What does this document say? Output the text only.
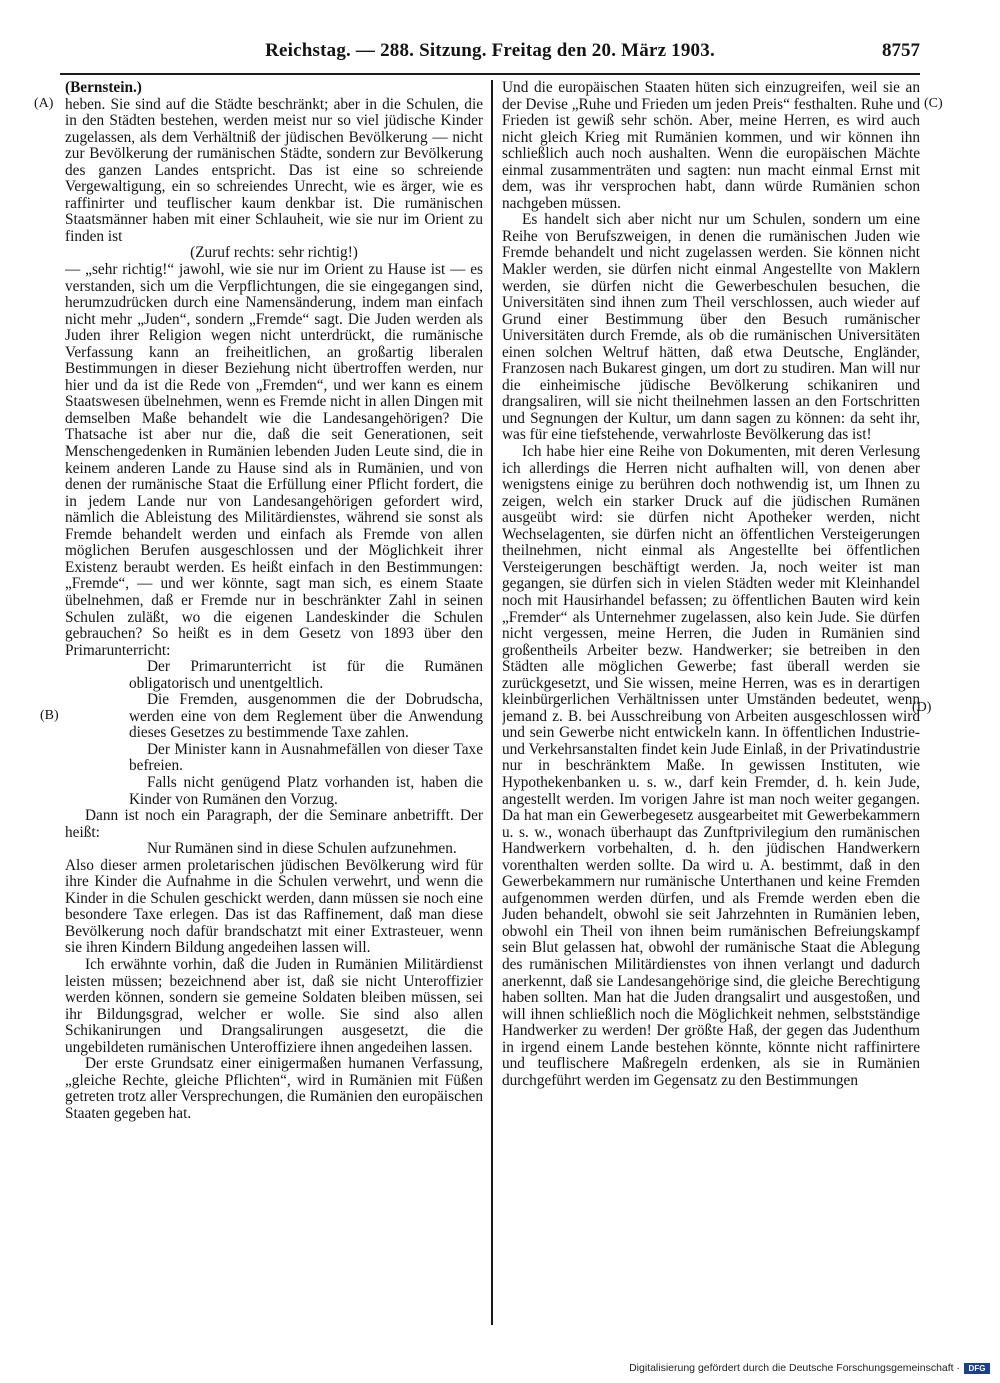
Reichstag. — 288. Sitzung. Freitag den 20. März 1903.	8757
(A)
(B)
(C)
(D)

(Bernstein.)

heben. Sie sind auf die Städte beschränkt; aber in die Schulen, die in den Städten bestehen, werden meist nur so viel jüdische Kinder zugelassen, als dem Verhältniß der jüdischen Bevölkerung — nicht zur Bevölkerung der rumänischen Städte, sondern zur Bevölkerung des ganzen Landes entspricht. Das ist eine so schreiende Vergewaltigung, ein so schreiendes Unrecht, wie es ärger, wie es raffinirter und teuflischer kaum denkbar ist. Die rumänischen Staatsmänner haben mit einer Schlauheit, wie sie nur im Orient zu finden ist

(Zuruf rechts: sehr richtig!)

— „sehr richtig!“ jawohl, wie sie nur im Orient zu Hause ist — es verstanden, sich um die Verpflichtungen, die sie eingegangen sind, herumzudrücken durch eine Namensänderung, indem man einfach nicht mehr „Juden“, sondern „Fremde“ sagt. Die Juden werden als Juden ihrer Religion wegen nicht unterdrückt, die rumänische Verfassung kann an freiheitlichen, an großartig liberalen Bestimmungen in dieser Beziehung nicht übertroffen werden, nur hier und da ist die Rede von „Fremden“, und wer kann es einem Staatswesen übelnehmen, wenn es Fremde nicht in allen Dingen mit demselben Maße behandelt wie die Landesangehörigen? Die Thatsache ist aber nur die, daß die seit Generationen, seit Menschengedenken in Rumänien lebenden Juden Leute sind, die in keinem anderen Lande zu Hause sind als in Rumänien, und von denen der rumänische Staat die Erfüllung einer Pflicht fordert, die in jedem Lande nur von Landesangehörigen gefordert wird, nämlich die Ableistung des Militärdienstes, während sie sonst als Fremde behandelt werden und einfach als Fremde von allen möglichen Berufen ausgeschlossen und der Möglichkeit ihrer Existenz beraubt werden. Es heißt einfach in den Bestimmungen: „Fremde“, — und wer könnte, sagt man sich, es einem Staate übelnehmen, daß er Fremde nur in beschränkter Zahl in seinen Schulen zuläßt, wo die eigenen Landeskinder die Schulen gebrauchen? So heißt es in dem Gesetz von 1893 über den Primarunterricht:

Der Primarunterricht ist für die Rumänen obligatorisch und unentgeltlich.

Die Fremden, ausgenommen die der Dobrudscha, werden eine von dem Reglement über die Anwendung dieses Gesetzes zu bestimmende Taxe zahlen.

Der Minister kann in Ausnahmefällen von dieser Taxe befreien.

Falls nicht genügend Platz vorhanden ist, haben die Kinder von Rumänen den Vorzug.

Dann ist noch ein Paragraph, der die Seminare anbetrifft. Der heißt:

Nur Rumänen sind in diese Schulen aufzunehmen.

Also dieser armen proletarischen jüdischen Bevölkerung wird für ihre Kinder die Aufnahme in die Schulen verwehrt, und wenn die Kinder in die Schulen geschickt werden, dann müssen sie noch eine besondere Taxe erlegen. Das ist das Raffinement, daß man diese Bevölkerung noch dafür brandschatzt mit einer Extrasteuer, wenn sie ihren Kindern Bildung angedeihen lassen will.

Ich erwähnte vorhin, daß die Juden in Rumänien Militärdienst leisten müssen; bezeichnend aber ist, daß sie nicht Unteroffizier werden können, sondern sie gemeine Soldaten bleiben müssen, sei ihr Bildungsgrad, welcher er wolle. Sie sind also allen Schikanirungen und Drangsalirungen ausgesetzt, die die ungebildeten rumänischen Unteroffiziere ihnen angedeihen lassen.

Der erste Grundsatz einer einigermaßen humanen Verfassung, „gleiche Rechte, gleiche Pflichten“, wird in Rumänien mit Füßen getreten trotz aller Versprechungen, die Rumänien den europäischen Staaten gegeben hat.

Und die europäischen Staaten hüten sich einzugreifen, weil sie an der Devise „Ruhe und Frieden um jeden Preis“ festhalten. Ruhe und Frieden ist gewiß sehr schön. Aber, meine Herren, es wird auch nicht gleich Krieg mit Rumänien kommen, und wir können ihn schließlich auch noch aushalten. Wenn die europäischen Mächte einmal zusammenträten und sagten: nun macht einmal Ernst mit dem, was ihr versprochen habt, dann würde Rumänien schon nachgeben müssen.

Es handelt sich aber nicht nur um Schulen, sondern um eine Reihe von Berufszweigen, in denen die rumänischen Juden wie Fremde behandelt und nicht zugelassen werden. Sie können nicht Makler werden, sie dürfen nicht einmal Angestellte von Maklern werden, sie dürfen nicht die Gewerbeschulen besuchen, die Universitäten sind ihnen zum Theil verschlossen, auch wieder auf Grund einer Bestimmung über den Besuch rumänischer Universitäten durch Fremde, als ob die rumänischen Universitäten einen solchen Weltruf hätten, daß etwa Deutsche, Engländer, Franzosen nach Bukarest gingen, um dort zu studiren. Man will nur die einheimische jüdische Bevölkerung schikaniren und drangsaliren, will sie nicht theilnehmen lassen an den Fortschritten und Segnungen der Kultur, um dann sagen zu können: da seht ihr, was für eine tiefstehende, verwahrloste Bevölkerung das ist!

Ich habe hier eine Reihe von Dokumenten, mit deren Verlesung ich allerdings die Herren nicht aufhalten will, von denen aber wenigstens einige zu berühren doch nothwendig ist, um Ihnen zu zeigen, welch ein starker Druck auf die jüdischen Rumänen ausgeübt wird: sie dürfen nicht Apotheker werden, nicht Wechselagenten, sie dürfen nicht an öffentlichen Versteigerungen theilnehmen, nicht einmal als Angestellte bei öffentlichen Versteigerungen beschäftigt werden. Ja, noch weiter ist man gegangen, sie dürfen sich in vielen Städten weder mit Kleinhandel noch mit Hausirhandel befassen; zu öffentlichen Bauten wird kein „Fremder“ als Unternehmer zugelassen, also kein Jude. Sie dürfen nicht vergessen, meine Herren, die Juden in Rumänien sind großentheils Arbeiter bezw. Handwerker; sie betreiben in den Städten alle möglichen Gewerbe; fast überall werden sie zurückgesetzt, und Sie wissen, meine Herren, was es in derartigen kleinbürgerlichen Verhältnissen unter Umständen bedeutet, wenn jemand z. B. bei Ausschreibung von Arbeiten ausgeschlossen wird und sein Gewerbe nicht entwickeln kann. In öffentlichen Industrie- und Verkehrsanstalten findet kein Jude Einlaß, in der Privatindustrie nur in beschränktem Maße. In gewissen Instituten, wie Hypothekenbanken u. s. w., darf kein Fremder, d. h. kein Jude, angestellt werden. Im vorigen Jahre ist man noch weiter gegangen. Da hat man ein Gewerbegesetz ausgearbeitet mit Gewerbekammern u. s. w., wonach überhaupt das Zunftprivilegium den rumänischen Handwerkern vorbehalten, d. h. den jüdischen Handwerkern vorenthalten werden sollte. Da wird u. A. bestimmt, daß in den Gewerbekammern nur rumänische Unterthanen und keine Fremden aufgenommen werden dürfen, und als Fremde werden eben die Juden behandelt, obwohl sie seit Jahrzehnten in Rumänien leben, obwohl ein Theil von ihnen beim rumänischen Befreiungskampf sein Blut gelassen hat, obwohl der rumänische Staat die Ablegung des rumänischen Militärdienstes von ihnen verlangt und dadurch anerkennt, daß sie Landesangehörige sind, die gleiche Berechtigung haben sollten. Man hat die Juden drangsalirt und ausgestoßen, und will ihnen schließlich noch die Möglichkeit nehmen, selbstständige Handwerker zu werden! Der größte Haß, der gegen das Judenthum in irgend einem Lande bestehen könnte, könnte nicht raffinirtere und teuflischere Maßregeln erdenken, als sie in Rumänien durchgeführt werden im Gegensatz zu den Bestimmungen

Digitalisierung gefördert durch die Deutsche Forschungsgemeinschaft · DFG
